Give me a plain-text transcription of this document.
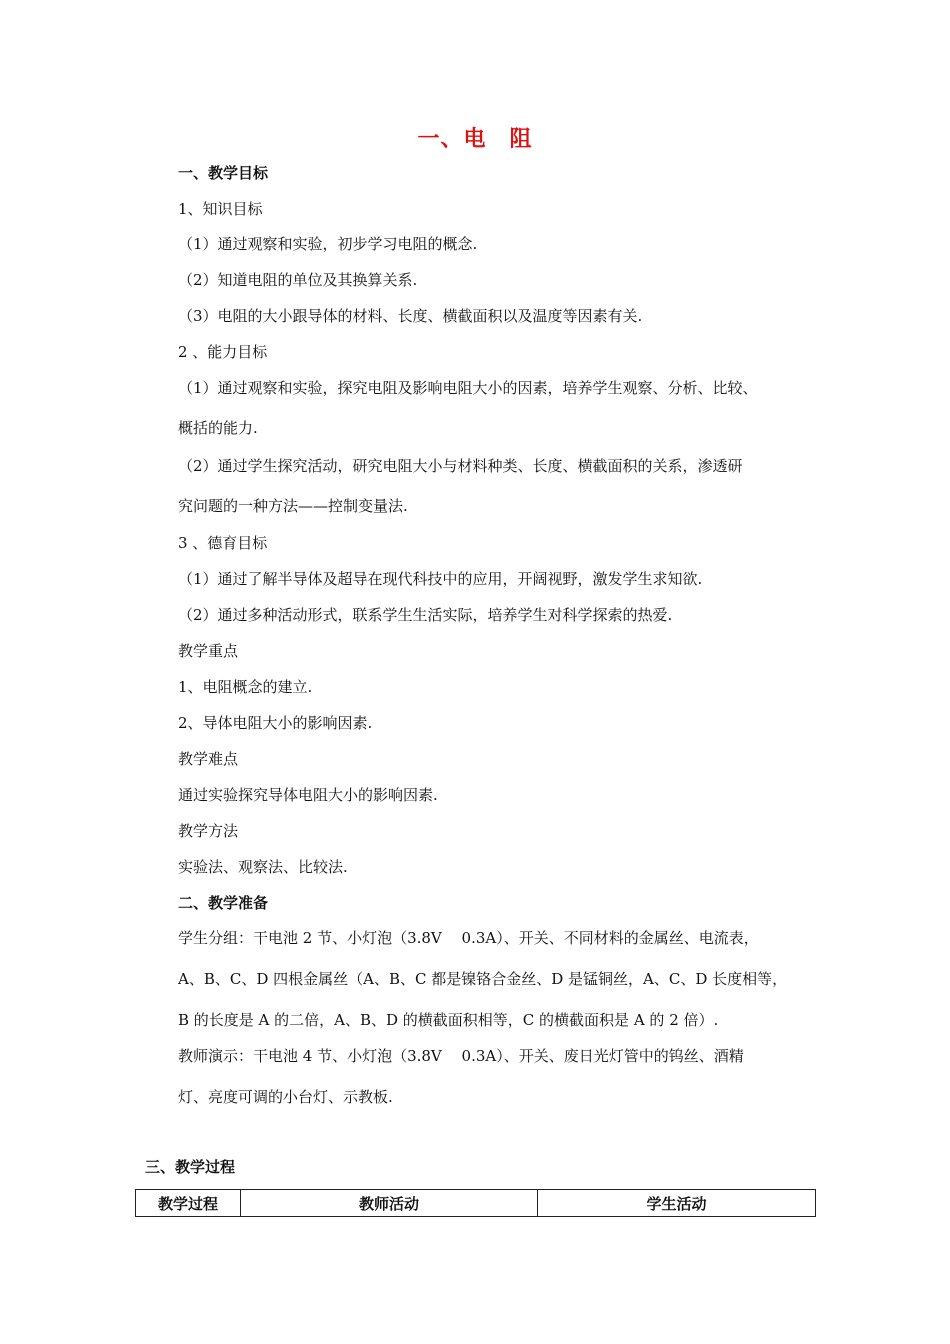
一、电　阻
一、教学目标
1、知识目标
（1）通过观察和实验，初步学习电阻的概念.
（2）知道电阻的单位及其换算关系.
（3）电阻的大小跟导体的材料、长度、横截面积以及温度等因素有关.
2 、能力目标
（1）通过观察和实验，探究电阻及影响电阻大小的因素，培养学生观察、分析、比较、
概括的能力.
（2）通过学生探究活动，研究电阻大小与材料种类、长度、横截面积的关系，渗透研
究问题的一种方法——控制变量法.
3 、德育目标
（1）通过了解半导体及超导在现代科技中的应用，开阔视野，激发学生求知欲.
（2）通过多种活动形式，联系学生生活实际，培养学生对科学探索的热爱.
教学重点
1、电阻概念的建立.
2、导体电阻大小的影响因素.
教学难点
通过实验探究导体电阻大小的影响因素.
教学方法
实验法、观察法、比较法.
二、教学准备
学生分组：干电池 2 节、小灯泡（3.8V　 0.3A）、开关、不同材料的金属丝、电流表，
A、B、C、D 四根金属丝（A、B、C 都是镍铬合金丝、D 是锰铜丝，A、C、D 长度相等，
B 的长度是 A 的二倍，A、B、D 的横截面积相等，C 的横截面积是 A 的 2 倍）.
教师演示：干电池 4 节、小灯泡（3.8V　 0.3A）、开关、废日光灯管中的钨丝、酒精
灯、亮度可调的小台灯、示教板.
三、教学过程
教学过程	教师活动	学生活动
